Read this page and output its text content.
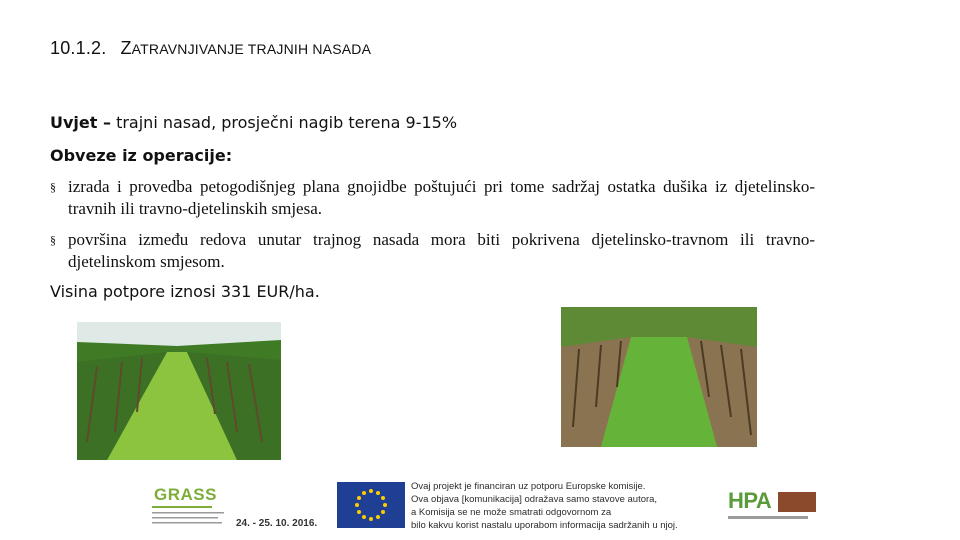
10.1.2. ZATRAVNJIVANJE TRAJNIH NASADA
Uvjet – trajni nasad, prosječni nagib terena 9-15%
Obveze iz operacije:
§ izrada i provedba petogodišnjeg plana gnojidbe poštujući pri tome sadržaj ostatka dušika iz djetelinsko-travnih ili travno-djetelinskih smjesa.
§ površina između redova unutar trajnog nasada mora biti pokrivena djetelinsko-travnom ili travno-djetelinskom smjesom.
Visina potpore iznosi 331 EUR/ha.
GRASS
24. - 25. 10. 2016.
Ovaj projekt je financiran uz potporu Europske komisije.
Ova objava [komunikacija] odražava samo stavove autora,
a Komisija se ne može smatrati odgovornom za
bilo kakvu korist nastalu uporabom informacija sadržanih u njoj.
HPA
